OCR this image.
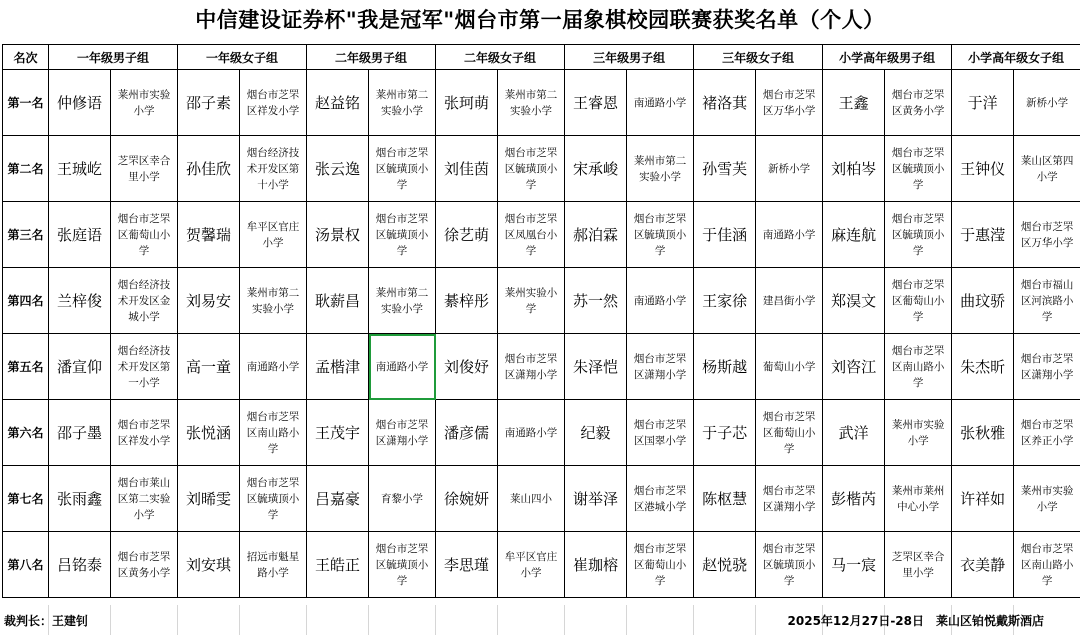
中信建设证券杯"我是冠军"烟台市第一届象棋校园联赛获奖名单（个人）
名次	一年级男子组		一年级女子组		二年级男子组		二年级女子组		三年级男子组		三年级女子组		小学高年级男子组		小学高年级女子组	
第一名	仲修语	莱州市实验小学	邵子素	烟台市芝罘区祥发小学	赵益铭	莱州市第二实验小学	张珂萌	莱州市第二实验小学	王睿恩	南通路小学	褚洛萁	烟台市芝罘区万华小学	王鑫	烟台市芝罘区黄务小学	于洋	新桥小学
第二名	王珹屹	芝罘区幸合里小学	孙佳欣	烟台经济技术开发区第十小学	张云逸	烟台市芝罘区毓璜顶小学	刘佳茵	烟台市芝罘区毓璜顶小学	宋承峻	莱州市第二实验小学	孙雪芙	新桥小学	刘柏岑	烟台市芝罘区毓璜顶小学	王钟仪	莱山区第四小学
第三名	张庭语	烟台市芝罘区葡萄山小学	贺馨瑞	牟平区官庄小学	汤景权	烟台市芝罘区毓璜顶小学	徐艺萌	烟台市芝罘区凤凰台小学	郝泊霖	烟台市芝罘区毓璜顶小学	于佳涵	南通路小学	麻连航	烟台市芝罘区毓璜顶小学	于惠滢	烟台市芝罘区万华小学
第四名	兰梓俊	烟台经济技术开发区金城小学	刘易安	莱州市第二实验小学	耿薪昌	莱州市第二实验小学	綦梓彤	莱州实验小学	苏一然	南通路小学	王家徐	建昌街小学	郑淏文	烟台市芝罘区葡萄山小学	曲玟骄	烟台市福山区河滨路小学
第五名	潘宣仰	烟台经济技术开发区第一小学	高一童	南通路小学	孟楷津	南通路小学	刘俊妤	烟台市芝罘区潇翔小学	朱泽恺	烟台市芝罘区潇翔小学	杨斯越	葡萄山小学	刘咨江	烟台市芝罘区南山路小学	朱杰昕	烟台市芝罘区潇翔小学
第六名	邵子墨	烟台市芝罘区祥发小学	张悦涵	烟台市芝罘区南山路小学	王茂宇	烟台市芝罘区潇翔小学	潘彦儒	南通路小学	纪毅	烟台市芝罘区国翠小学	于子芯	烟台市芝罘区葡萄山小学	武洋	莱州市实验小学	张秋雅	烟台市芝罘区养正小学
第七名	张雨鑫	烟台市莱山区第二实验小学	刘晞雯	烟台市芝罘区毓璜顶小学	吕嘉豪	育黎小学	徐婉妍	莱山四小	谢举泽	烟台市芝罘区港城小学	陈枢慧	烟台市芝罘区潇翔小学	彭楷芮	莱州市莱州中心小学	许祥如	莱州市实验小学
第八名	吕铭泰	烟台市芝罘区黄务小学	刘安琪	招远市魁星路小学	王皓正	烟台市芝罘区毓璜顶小学	李思瑾	牟平区官庄小学	崔珈榕	烟台市芝罘区葡萄山小学	赵悦骁	烟台市芝罘区毓璜顶小学	马一宸	芝罘区幸合里小学	衣美静	烟台市芝罘区南山路小学
裁判长：王建钊	2025年12月27日-28日　莱山区铂悦戴斯酒店
